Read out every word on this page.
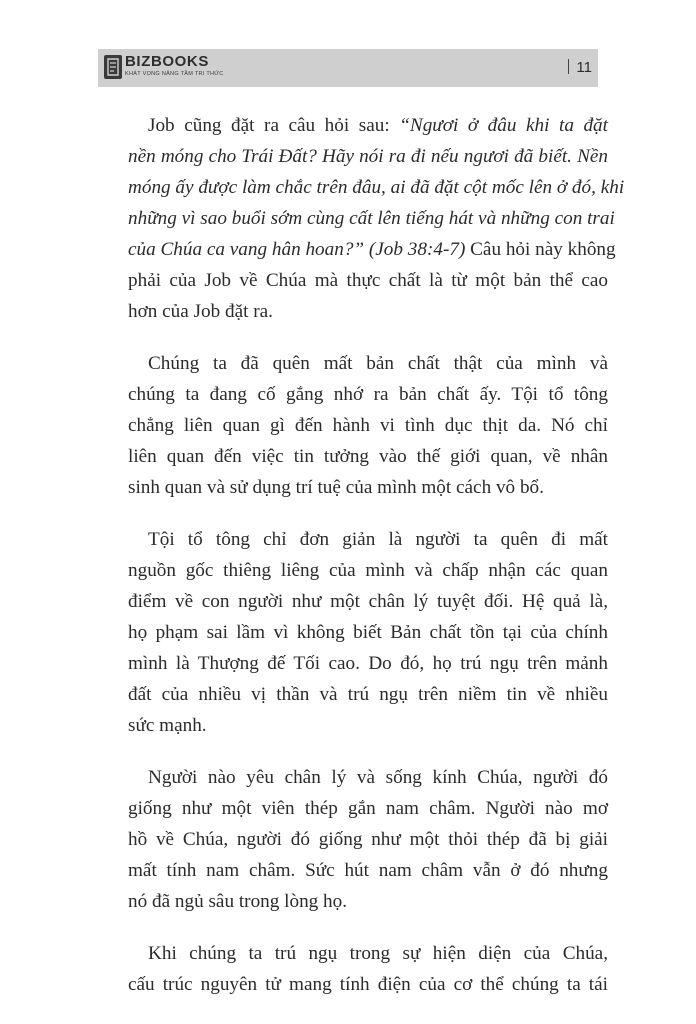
BIZBOOKS
KHÁT VỌNG NÂNG TẦM TRI THỨC	11
Job cũng đặt ra câu hỏi sau: “Ngươi ở đâu khi ta đặt
nền móng cho Trái Đất? Hãy nói ra đi nếu ngươi đã biết. Nền
móng ấy được làm chắc trên đâu, ai đã đặt cột mốc lên ở đó, khi
những vì sao buổi sớm cùng cất lên tiếng hát và những con trai
của Chúa ca vang hân hoan?” (Job 38:4-7) Câu hỏi này không
phải của Job về Chúa mà thực chất là từ một bản thể cao
hơn của Job đặt ra.
Chúng ta đã quên mất bản chất thật của mình và
chúng ta đang cố gắng nhớ ra bản chất ấy. Tội tổ tông
chẳng liên quan gì đến hành vi tình dục thịt da. Nó chỉ
liên quan đến việc tin tưởng vào thế giới quan, về nhân
sinh quan và sử dụng trí tuệ của mình một cách vô bổ.
Tội tổ tông chỉ đơn giản là người ta quên đi mất
nguồn gốc thiêng liêng của mình và chấp nhận các quan
điểm về con người như một chân lý tuyệt đối. Hệ quả là,
họ phạm sai lầm vì không biết Bản chất tồn tại của chính
mình là Thượng đế Tối cao. Do đó, họ trú ngụ trên mảnh
đất của nhiều vị thần và trú ngụ trên niềm tin về nhiều
sức mạnh.
Người nào yêu chân lý và sống kính Chúa, người đó
giống như một viên thép gắn nam châm. Người nào mơ
hồ về Chúa, người đó giống như một thỏi thép đã bị giải
mất tính nam châm. Sức hút nam châm vẫn ở đó nhưng
nó đã ngủ sâu trong lòng họ.
Khi chúng ta trú ngụ trong sự hiện diện của Chúa,
cấu trúc nguyên tử mang tính điện của cơ thể chúng ta tái
